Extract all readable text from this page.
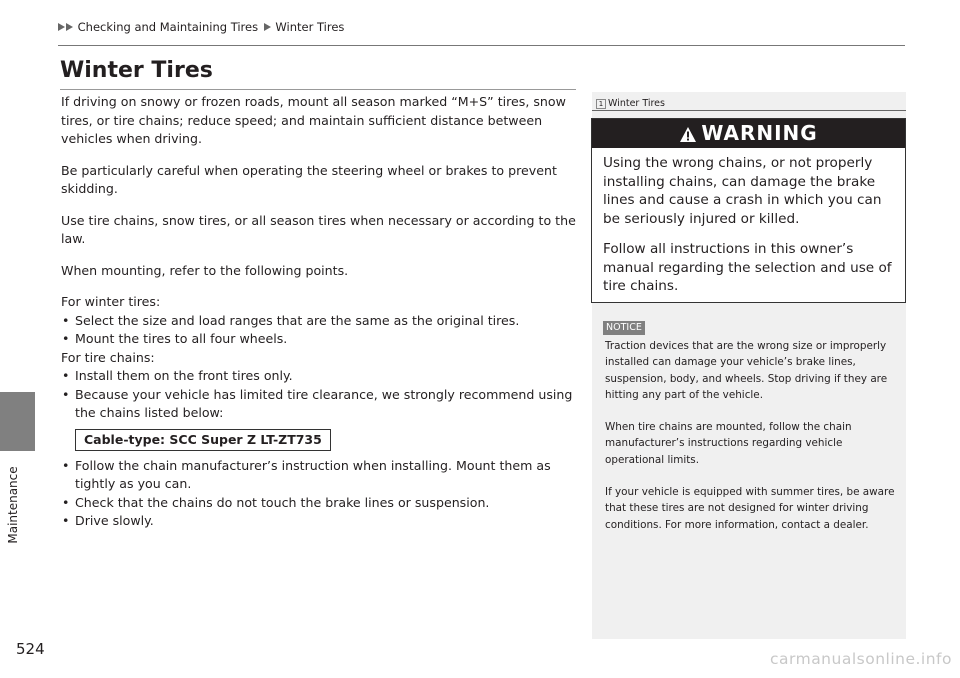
Checking and Maintaining Tires Winter Tires
Maintenance
524
Winter Tires

If driving on snowy or frozen roads, mount all season marked “M+S” tires, snow tires, or tire chains; reduce speed; and maintain sufficient distance between vehicles when driving.

Be particularly careful when operating the steering wheel or brakes to prevent skidding.

Use tire chains, snow tires, or all season tires when necessary or according to the law.

When mounting, refer to the following points.

For winter tires:

• Select the size and load ranges that are the same as the original tires.
• Mount the tires to all four wheels.

For tire chains:

• Install them on the front tires only.
• Because your vehicle has limited tire clearance, we strongly recommend using the chains listed below:
Cable-type: SCC Super Z LT-ZT735
• Follow the chain manufacturer’s instruction when installing. Mount them as tightly as you can.
• Check that the chains do not touch the brake lines or suspension.
• Drive slowly.
1 Winter Tires
WARNING

Using the wrong chains, or not properly installing chains, can damage the brake lines and cause a crash in which you can be seriously injured or killed.

Follow all instructions in this owner’s manual regarding the selection and use of tire chains.

NOTICE

Traction devices that are the wrong size or improperly installed can damage your vehicle’s brake lines, suspension, body, and wheels. Stop driving if they are hitting any part of the vehicle.

When tire chains are mounted, follow the chain manufacturer’s instructions regarding vehicle operational limits.

If your vehicle is equipped with summer tires, be aware that these tires are not designed for winter driving conditions. For more information, contact a dealer.

carmanualsonline.info
